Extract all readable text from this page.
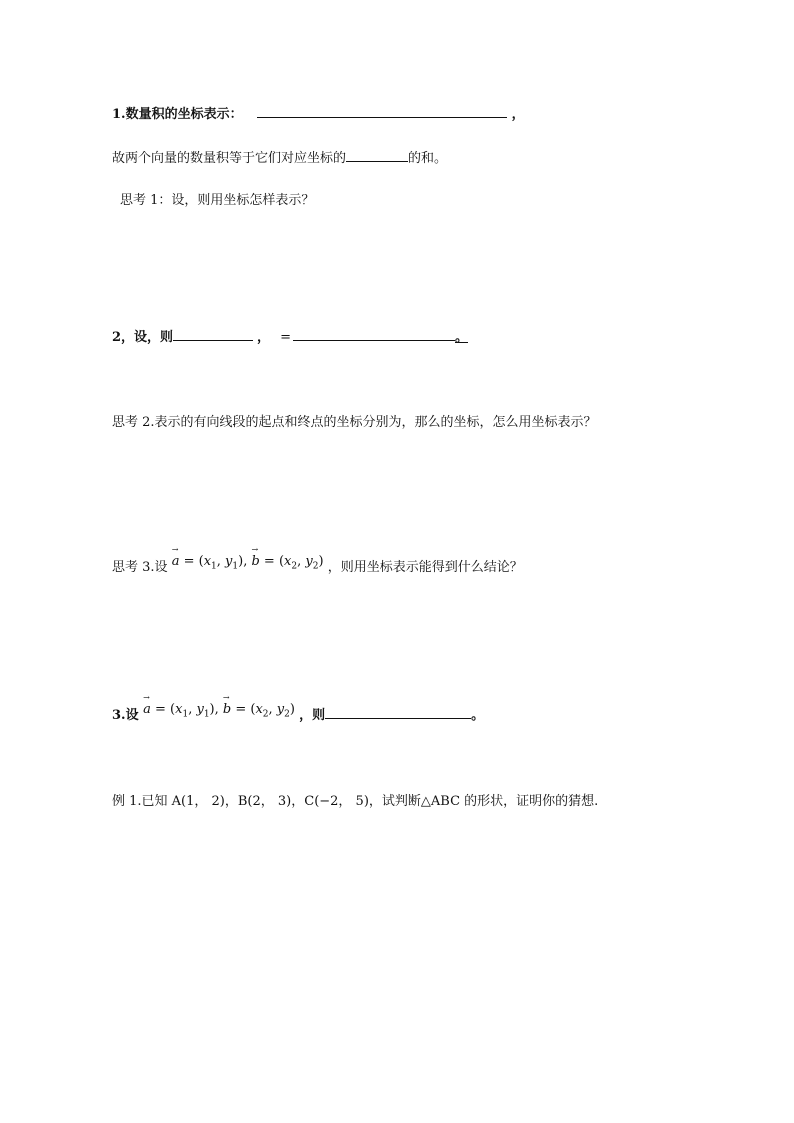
1.数量积的坐标表示：	，
故两个向量的数量积等于它们对应坐标的	的和。
思考 1：设，则用坐标怎样表示？
2，设，则	， =	。
思考 2.表示的有向线段的起点和终点的坐标分别为，那么的坐标，怎么用坐标表示？
思考 3.设 → $a = (x_1$, $y_1$), → $b = (x_2$, $y_2$) ，则用坐标表示能得到什么结论？
3.设 → $a = (x_1$, $y_1$), → $b = (x_2$, $y_2$) ，则	。
例 1.已知 A(1， 2)，B(2， 3)，C(−2， 5)，试判断△ABC 的形状，证明你的猜想.
